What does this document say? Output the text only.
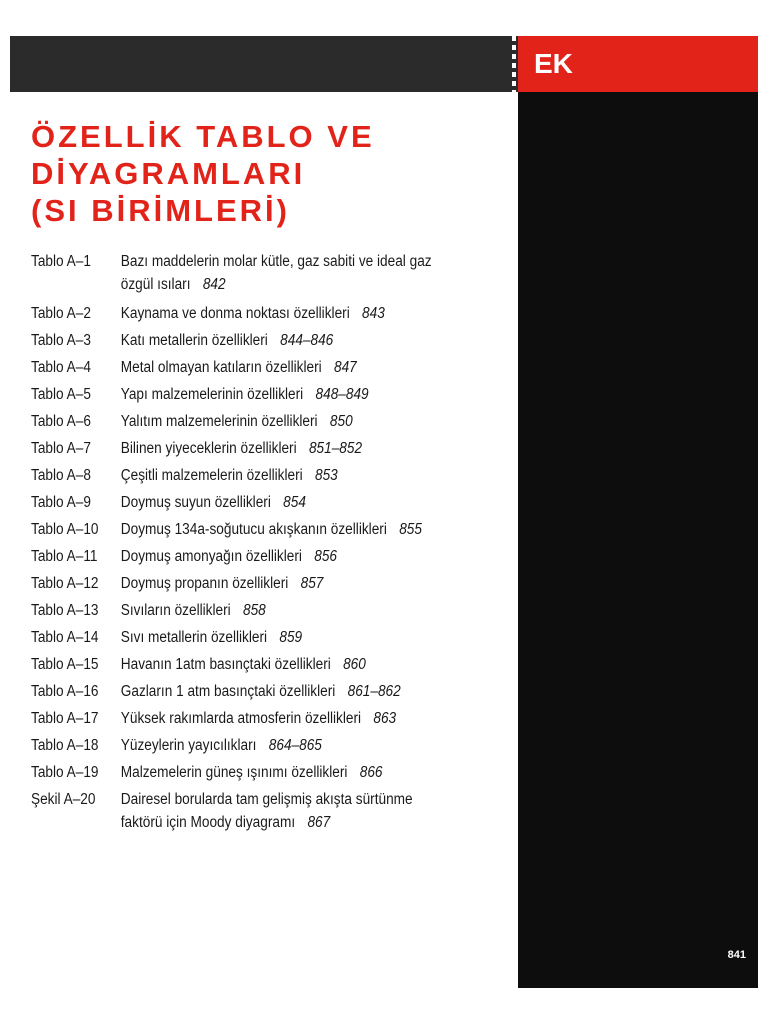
EK
841
ÖZELLİK TABLO VE
DİYAGRAMLARI
(SI BİRİMLERİ)
Tablo A–1	Bazı maddelerin molar kütle, gaz sabiti ve ideal gaz özgül ısıları 842
Tablo A–2	Kaynama ve donma noktası özellikleri 843
Tablo A–3	Katı metallerin özellikleri 844–846
Tablo A–4	Metal olmayan katıların özellikleri 847
Tablo A–5	Yapı malzemelerinin özellikleri 848–849
Tablo A–6	Yalıtım malzemelerinin özellikleri 850
Tablo A–7	Bilinen yiyeceklerin özellikleri 851–852
Tablo A–8	Çeşitli malzemelerin özellikleri 853
Tablo A–9	Doymuş suyun özellikleri 854
Tablo A–10	Doymuş 134a-soğutucu akışkanın özellikleri 855
Tablo A–11	Doymuş amonyağın özellikleri 856
Tablo A–12	Doymuş propanın özellikleri 857
Tablo A–13	Sıvıların özellikleri 858
Tablo A–14	Sıvı metallerin özellikleri 859
Tablo A–15	Havanın 1atm basınçtaki özellikleri 860
Tablo A–16	Gazların 1 atm basınçtaki özellikleri 861–862
Tablo A–17	Yüksek rakımlarda atmosferin özellikleri 863
Tablo A–18	Yüzeylerin yayıcılıkları 864–865
Tablo A–19	Malzemelerin güneş ışınımı özellikleri 866
Şekil A–20	Dairesel borularda tam gelişmiş akışta sürtünme faktörü için Moody diyagramı 867
